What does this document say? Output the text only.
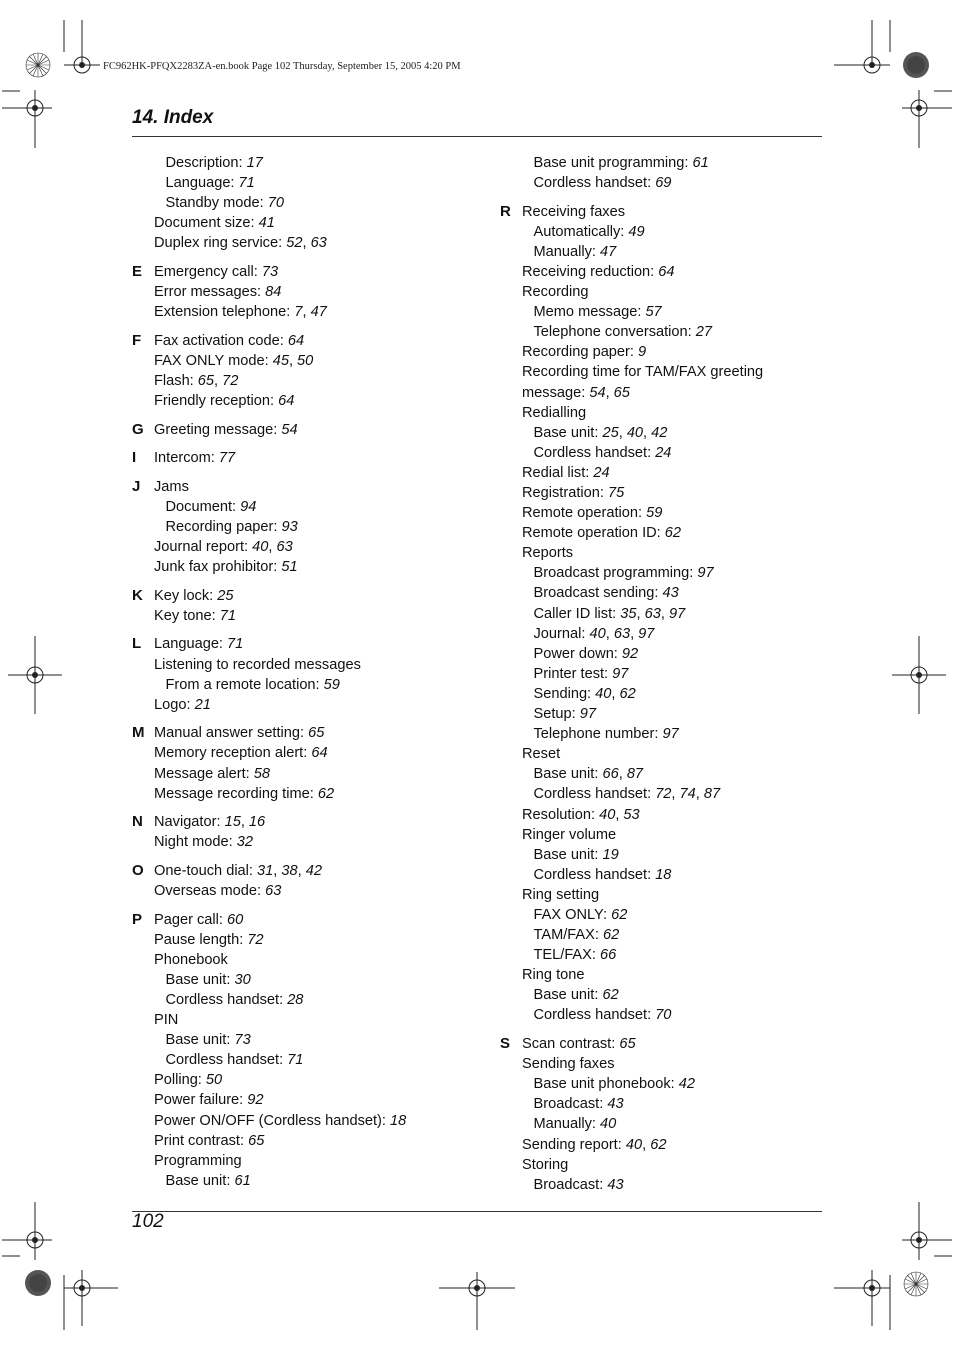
FC962HK-PFQX2283ZA-en.book Page 102 Thursday, September 15, 2005 4:20 PM
14. Index
Description: 17
Language: 71
Standby mode: 70
Document size: 41
Duplex ring service: 52, 63
E Emergency call: 73
Error messages: 84
Extension telephone: 7, 47
F Fax activation code: 64
FAX ONLY mode: 45, 50
Flash: 65, 72
Friendly reception: 64
G Greeting message: 54
I	Intercom: 77
J Jams
Document: 94
Recording paper: 93
Journal report: 40, 63
Junk fax prohibitor: 51
K Key lock: 25
Key tone: 71
L Language: 71
Listening to recorded messages
From a remote location: 59
Logo: 21
M Manual answer setting: 65
Memory reception alert: 64
Message alert: 58
Message recording time: 62
N Navigator: 15, 16
Night mode: 32
O One-touch dial: 31, 38, 42
Overseas mode: 63
P Pager call: 60
Pause length: 72
Phonebook
Base unit: 30
Cordless handset: 28
PIN
Base unit: 73
Cordless handset: 71
Polling: 50
Power failure: 92
Power ON/OFF (Cordless handset): 18
Print contrast: 65
Programming
Base unit: 61
Base unit programming: 61
Cordless handset: 69
R Receiving faxes
Automatically: 49
Manually: 47
Receiving reduction: 64
Recording
Memo message: 57
Telephone conversation: 27
Recording paper: 9
Recording time for TAM/FAX greeting
message: 54, 65
Redialling
Base unit: 25, 40, 42
Cordless handset: 24
Redial list: 24
Registration: 75
Remote operation: 59
Remote operation ID: 62
Reports
Broadcast programming: 97
Broadcast sending: 43
Caller ID list: 35, 63, 97
Journal: 40, 63, 97
Power down: 92
Printer test: 97
Sending: 40, 62
Setup: 97
Telephone number: 97
Reset
Base unit: 66, 87
Cordless handset: 72, 74, 87
Resolution: 40, 53
Ringer volume
Base unit: 19
Cordless handset: 18
Ring setting
FAX ONLY: 62
TAM/FAX: 62
TEL/FAX: 66
Ring tone
Base unit: 62
Cordless handset: 70
S Scan contrast: 65
Sending faxes
Base unit phonebook: 42
Broadcast: 43
Manually: 40
Sending report: 40, 62
Storing
Broadcast: 43
102
